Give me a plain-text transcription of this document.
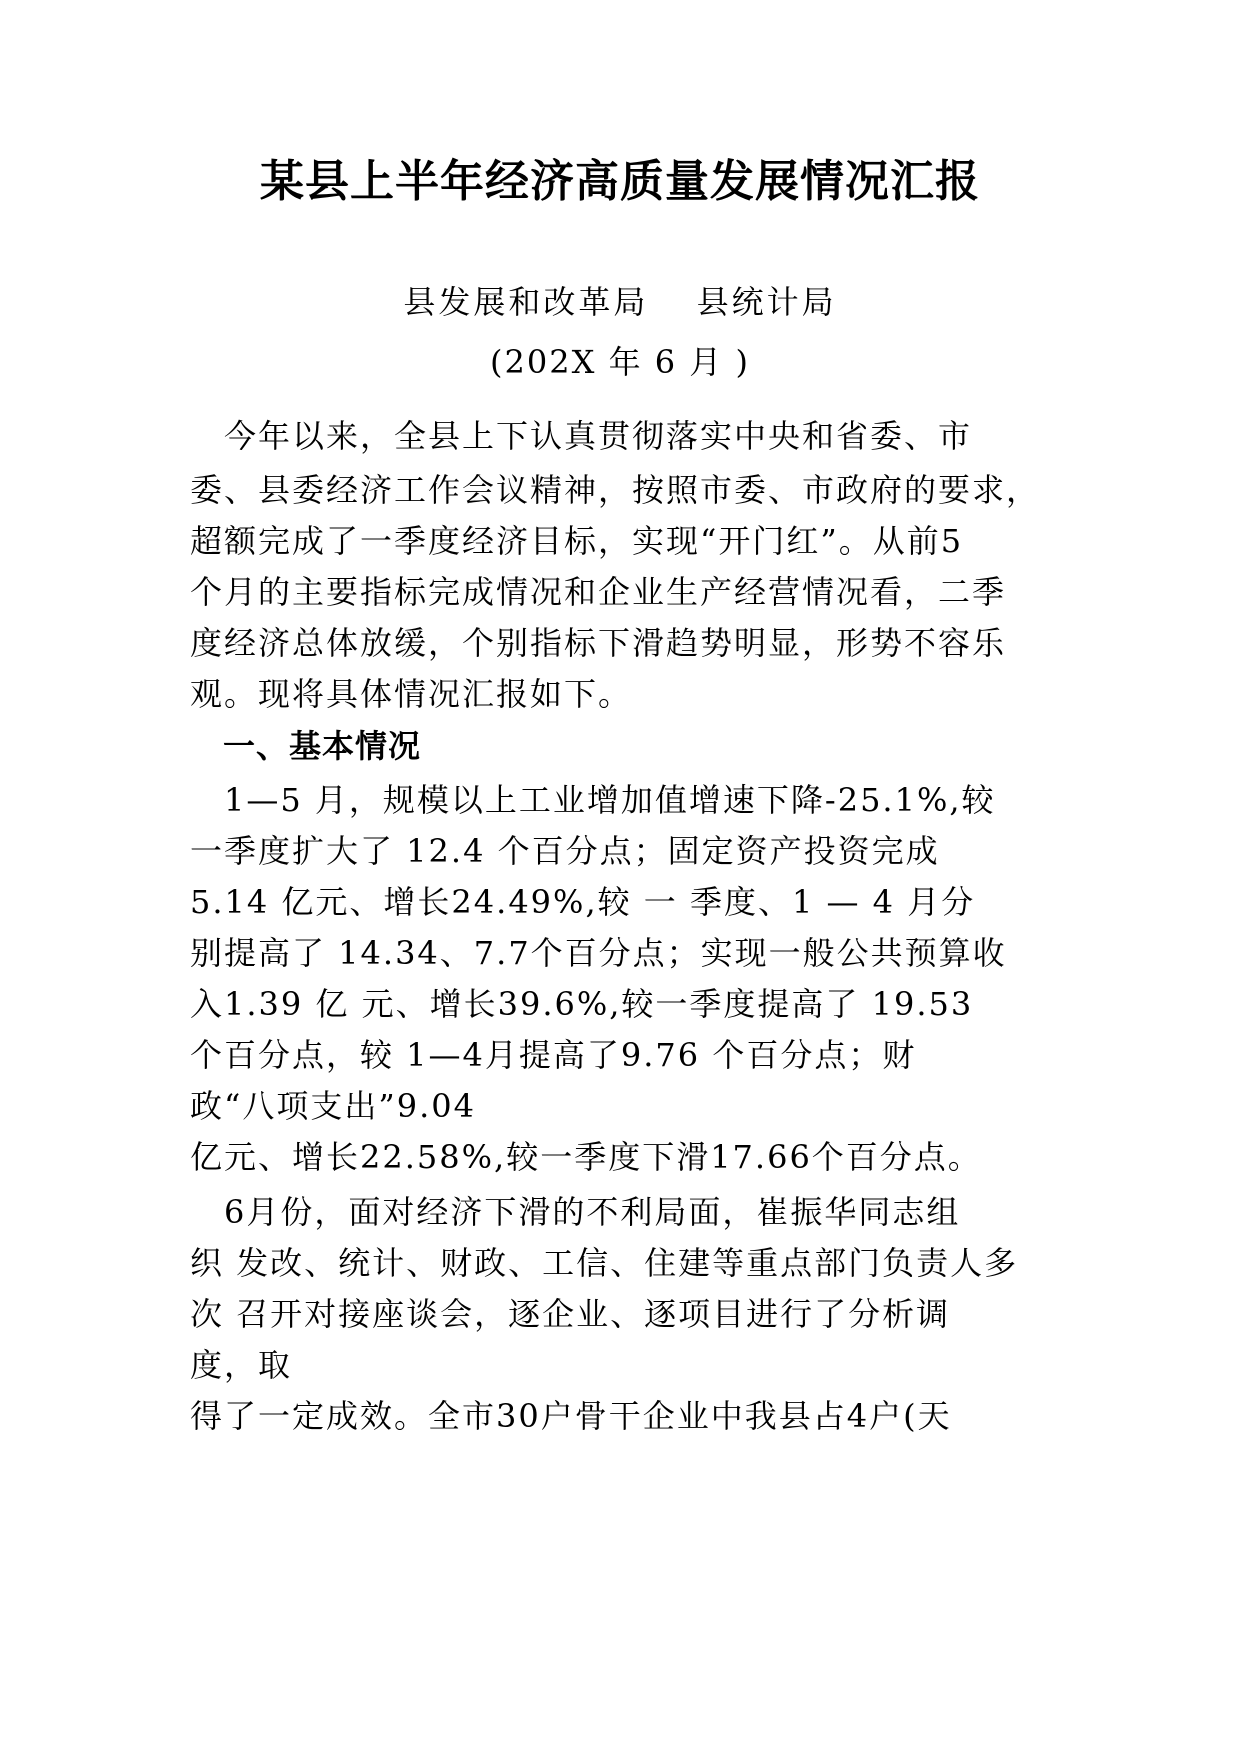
某县上半年经济高质量发展情况汇报
县发展和改革局　 县统计局
(202X 年 6 月 )
　今年以来，全县上下认真贯彻落实中央和省委、市
委、县委经济工作会议精神，按照市委、市政府的要求，
超额完成了一季度经济目标，实现“开门红”。从前5
个月的主要指标完成情况和企业生产经营情况看，二季
度经济总体放缓，个别指标下滑趋势明显，形势不容乐
观。现将具体情况汇报如下。
　一、基本情况
　1—5 月，规模以上工业增加值增速下降-25.1%,较
一季度扩大了 12.4 个百分点；固定资产投资完成
5.14 亿元、增长24.49%,较 一 季度、1 — 4 月分
别提高了 14.34、7.7个百分点；实现一般公共预算收
入1.39 亿 元、增长39.6%,较一季度提高了 19.53
个百分点，较 1—4月提高了9.76 个百分点；财
政“八项支出”9.04
亿元、增长22.58%,较一季度下滑17.66个百分点。
　6月份，面对经济下滑的不利局面，崔振华同志组
织 发改、统计、财政、工信、住建等重点部门负责人多
次 召开对接座谈会，逐企业、逐项目进行了分析调
度，取
得了一定成效。全市30户骨干企业中我县占4户(天
